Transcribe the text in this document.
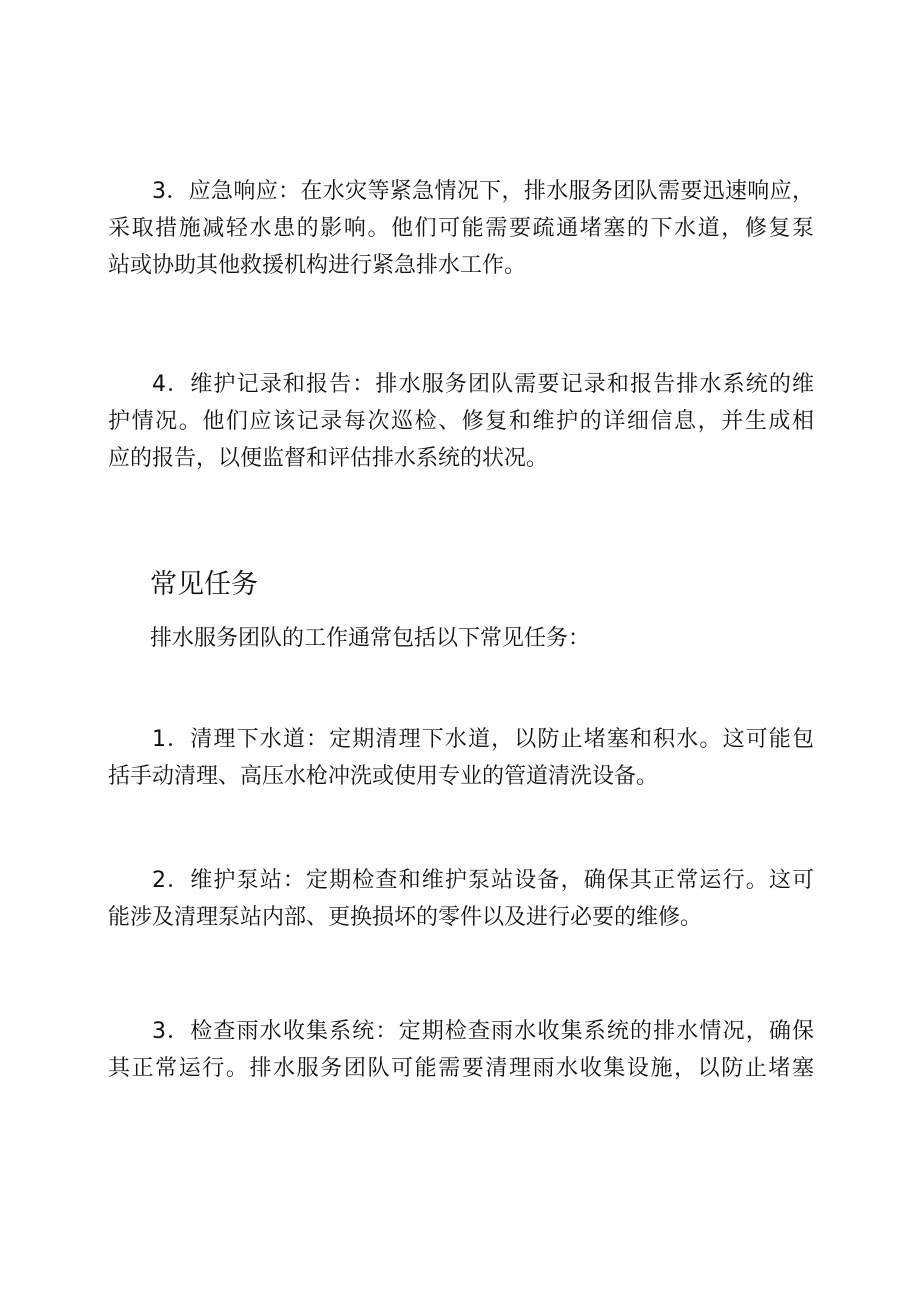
3．应急响应：在水灾等紧急情况下，排水服务团队需要迅速响应，
采取措施减轻水患的影响。他们可能需要疏通堵塞的下水道，修复泵
站或协助其他救援机构进行紧急排水工作。

4．维护记录和报告：排水服务团队需要记录和报告排水系统的维
护情况。他们应该记录每次巡检、修复和维护的详细信息，并生成相
应的报告，以便监督和评估排水系统的状况。

常见任务

排水服务团队的工作通常包括以下常见任务：

1．清理下水道：定期清理下水道，以防止堵塞和积水。这可能包
括手动清理、高压水枪冲洗或使用专业的管道清洗设备。

2．维护泵站：定期检查和维护泵站设备，确保其正常运行。这可
能涉及清理泵站内部、更换损坏的零件以及进行必要的维修。

3．检查雨水收集系统：定期检查雨水收集系统的排水情况，确保
其正常运行。排水服务团队可能需要清理雨水收集设施，以防止堵塞
